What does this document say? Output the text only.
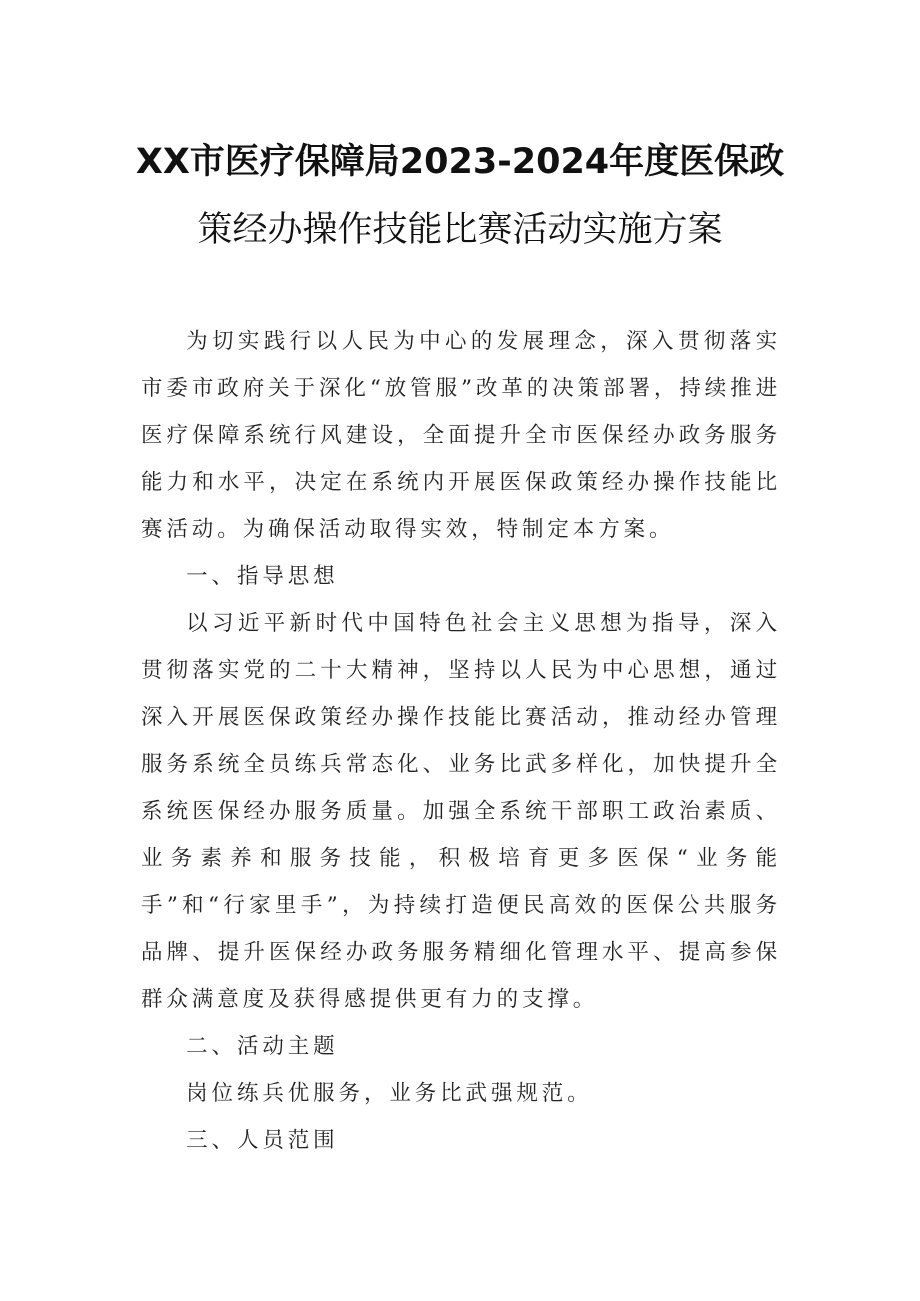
XX市医疗保障局2023-2024年度医保政
策经办操作技能比赛活动实施方案

为切实践行以人民为中心的发展理念，深入贯彻落实市委市政府关于深化“放管服”改革的决策部署，持续推进医疗保障系统行风建设，全面提升全市医保经办政务服务能力和水平，决定在系统内开展医保政策经办操作技能比赛活动。为确保活动取得实效，特制定本方案。

一、指导思想

以习近平新时代中国特色社会主义思想为指导，深入贯彻落实党的二十大精神，坚持以人民为中心思想，通过深入开展医保政策经办操作技能比赛活动，推动经办管理服务系统全员练兵常态化、业务比武多样化，加快提升全系统医保经办服务质量。加强全系统干部职工政治素质、业务素养和服务技能，积极培育更多医保“业务能手”和“行家里手”，为持续打造便民高效的医保公共服务品牌、提升医保经办政务服务精细化管理水平、提高参保群众满意度及获得感提供更有力的支撑。

二、活动主题

岗位练兵优服务，业务比武强规范。

三、人员范围
